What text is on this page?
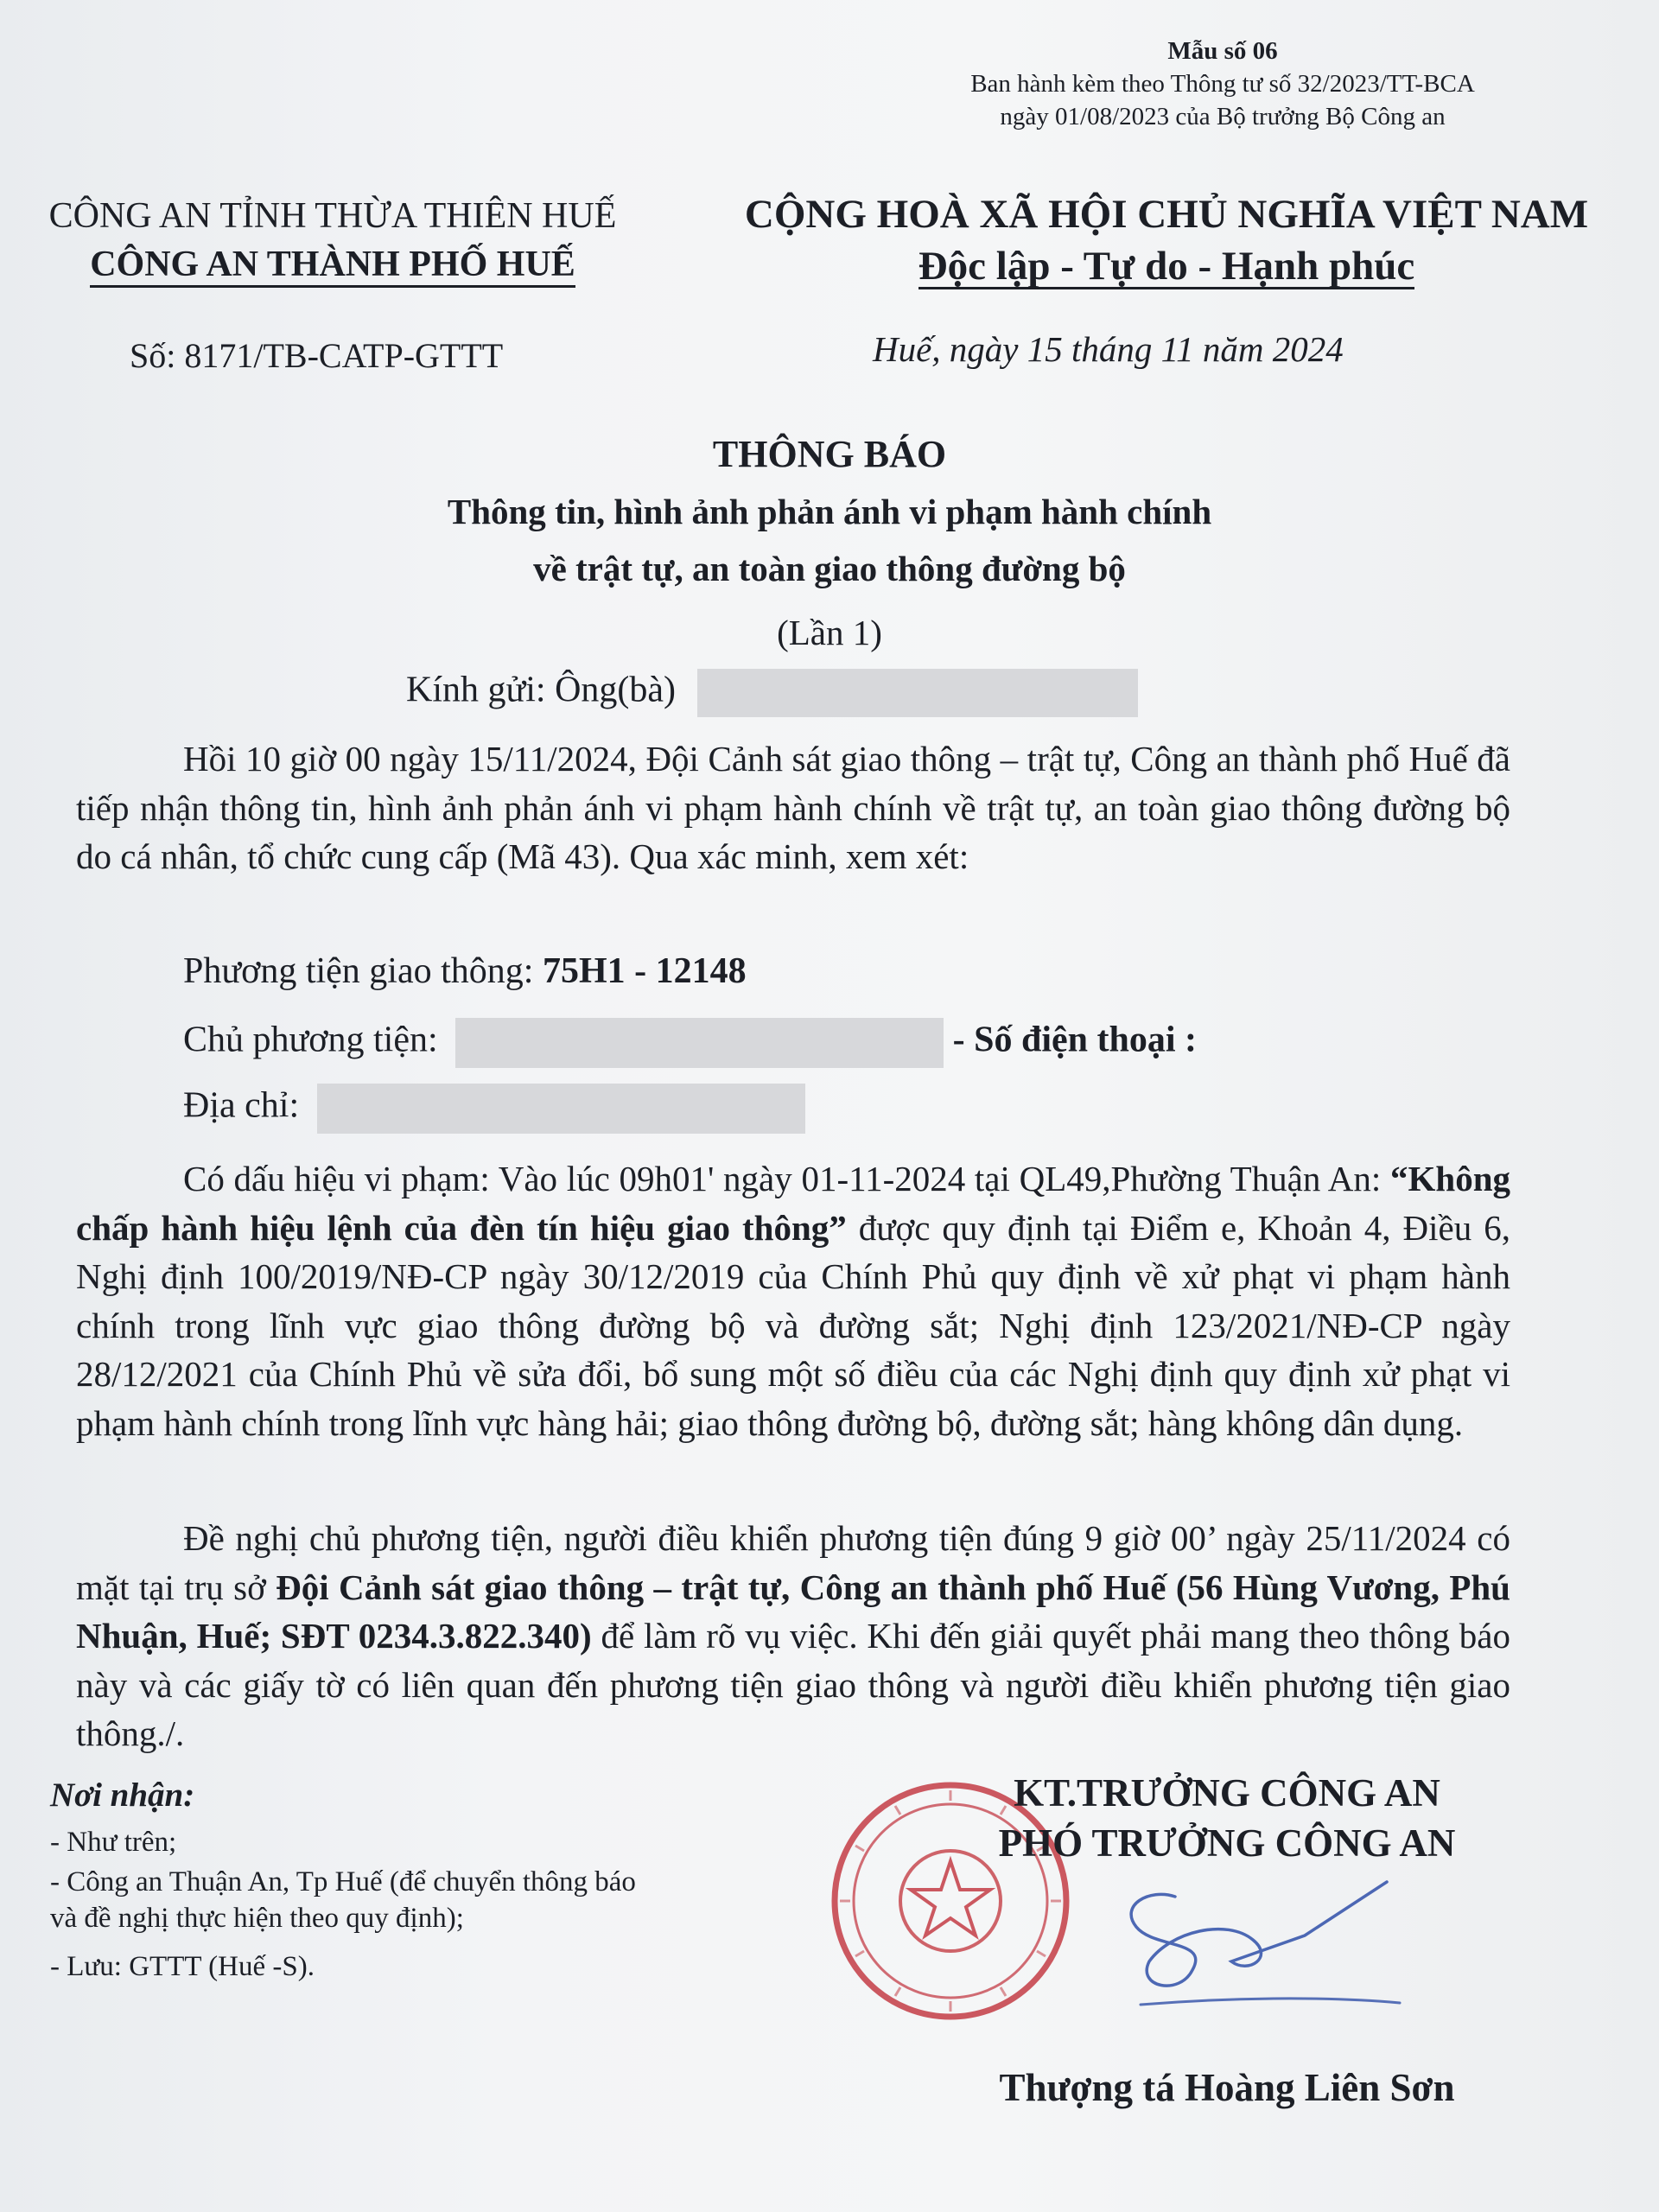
Mẫu số 06
Ban hành kèm theo Thông tư số 32/2023/TT-BCA
ngày 01/08/2023 của Bộ trưởng Bộ Công an
CÔNG AN TỈNH THỪA THIÊN HUẾ
CÔNG AN THÀNH PHỐ HUẾ
CỘNG HOÀ XÃ HỘI CHỦ NGHĨA VIỆT NAM
Độc lập - Tự do - Hạnh phúc
Số: 8171/TB-CATP-GTTT	Huế, ngày 15 tháng 11 năm 2024
THÔNG BÁO
Thông tin, hình ảnh phản ánh vi phạm hành chính
về trật tự, an toàn giao thông đường bộ
(Lần 1)
Kính gửi: Ông(bà)
Hồi 10 giờ 00 ngày 15/11/2024, Đội Cảnh sát giao thông – trật tự, Công an thành phố Huế đã tiếp nhận thông tin, hình ảnh phản ánh vi phạm hành chính về trật tự, an toàn giao thông đường bộ do cá nhân, tổ chức cung cấp (Mã 43). Qua xác minh, xem xét:
Phương tiện giao thông: 75H1 - 12148
Chủ phương tiện:	- Số điện thoại :
Địa chỉ:
Có dấu hiệu vi phạm: Vào lúc 09h01' ngày 01-11-2024 tại QL49,Phường Thuận An: “Không chấp hành hiệu lệnh của đèn tín hiệu giao thông” được quy định tại Điểm e, Khoản 4, Điều 6, Nghị định 100/2019/NĐ-CP ngày 30/12/2019 của Chính Phủ quy định về xử phạt vi phạm hành chính trong lĩnh vực giao thông đường bộ và đường sắt; Nghị định 123/2021/NĐ-CP ngày 28/12/2021 của Chính Phủ về sửa đổi, bổ sung một số điều của các Nghị định quy định xử phạt vi phạm hành chính trong lĩnh vực hàng hải; giao thông đường bộ, đường sắt; hàng không dân dụng.
Đề nghị chủ phương tiện, người điều khiển phương tiện đúng 9 giờ 00’ ngày 25/11/2024 có mặt tại trụ sở Đội Cảnh sát giao thông – trật tự, Công an thành phố Huế (56 Hùng Vương, Phú Nhuận, Huế; SĐT 0234.3.822.340) để làm rõ vụ việc. Khi đến giải quyết phải mang theo thông báo này và các giấy tờ có liên quan đến phương tiện giao thông và người điều khiển phương tiện giao thông./.
Nơi nhận:
- Như trên;
- Công an Thuận An, Tp Huế (để chuyển thông báo
và đề nghị thực hiện theo quy định);
- Lưu: GTTT (Huế -S).
KT.TRƯỞNG CÔNG AN
PHÓ TRƯỞNG CÔNG AN
Thượng tá Hoàng Liên Sơn
